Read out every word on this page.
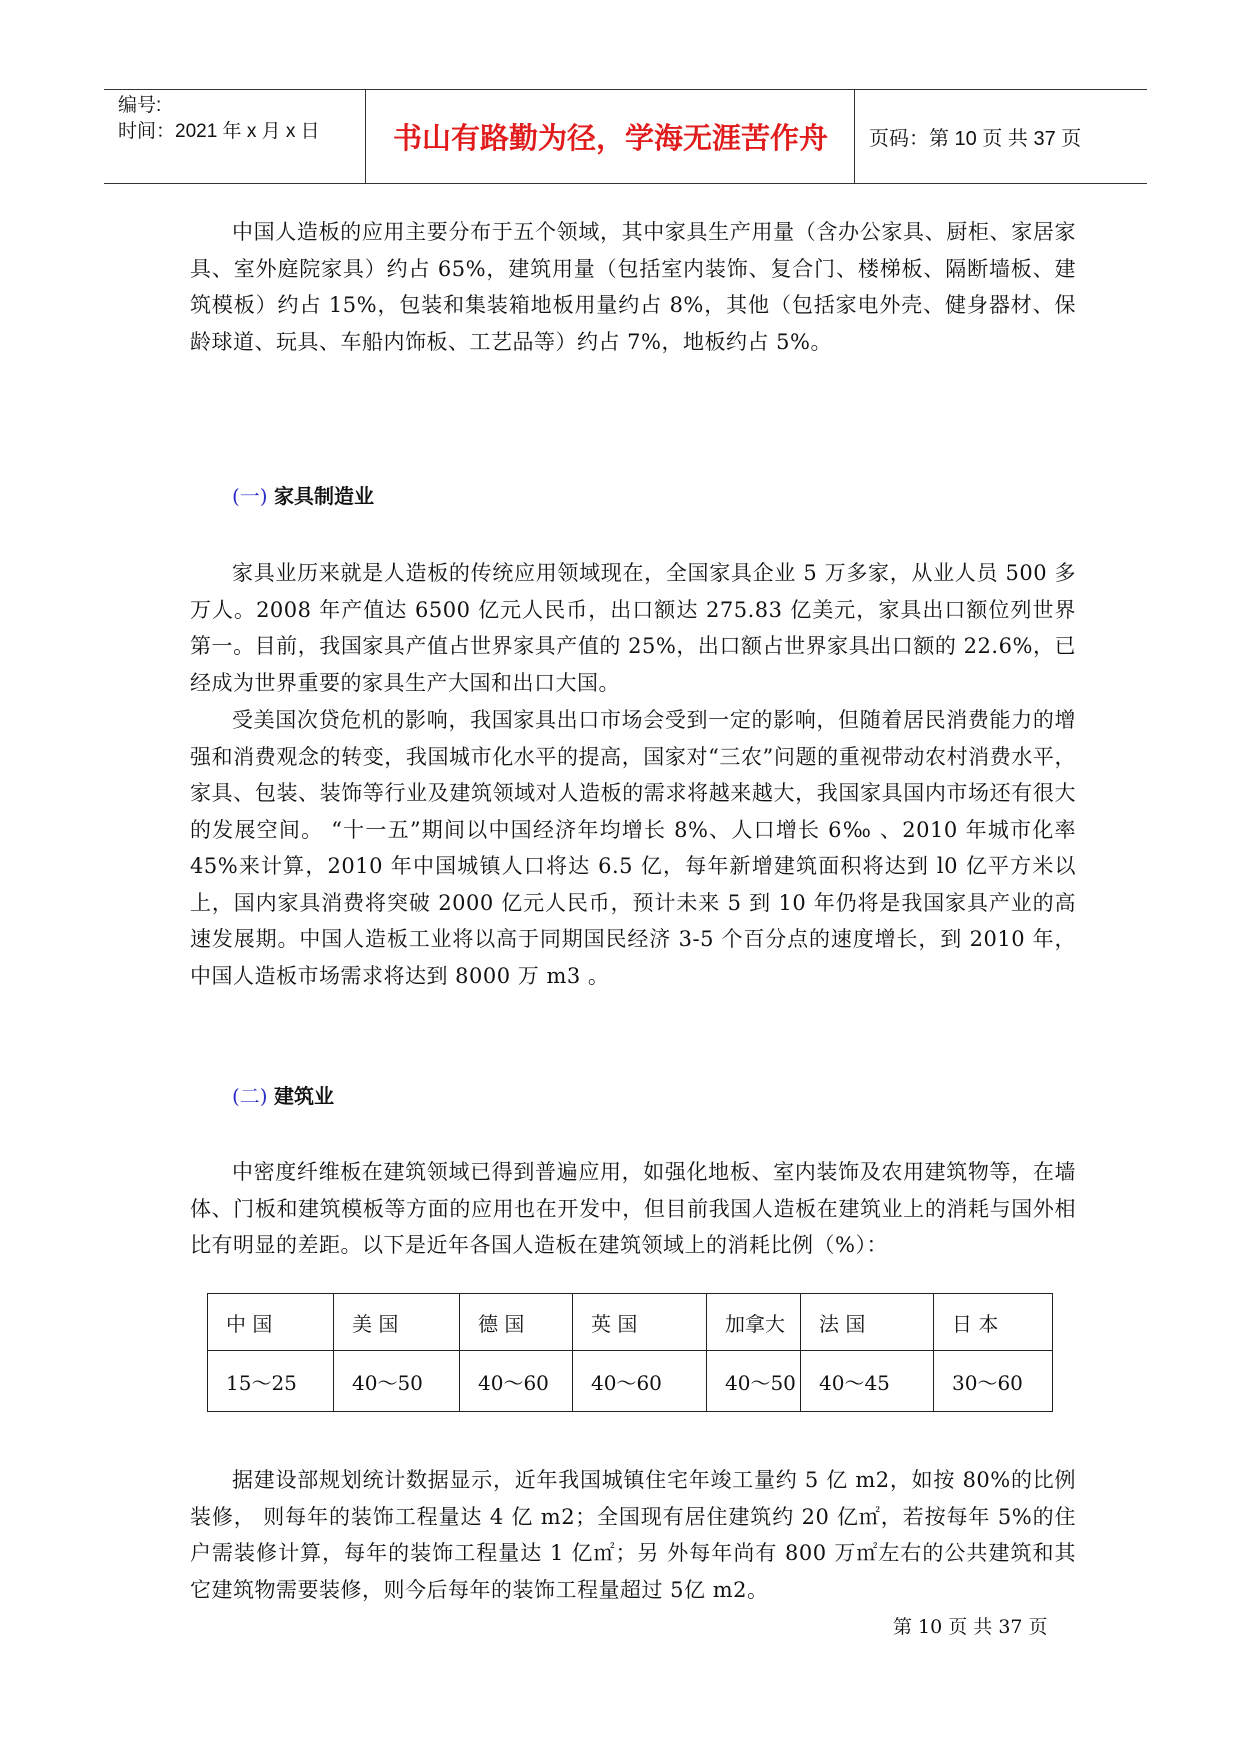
编号:
时间：2021 年 x 月 x 日	书山有路勤为径，学海无涯苦作舟	页码：第 10 页 共 37 页
中国人造板的应用主要分布于五个领域，其中家具生产用量（含办公家具、厨柜、家居家具、室外庭院家具）约占 65%，建筑用量（包括室内装饰、复合门、楼梯板、隔断墙板、建筑模板）约占 15%，包装和集装箱地板用量约占 8%，其他（包括家电外壳、健身器材、保龄球道、玩具、车船内饰板、工艺品等）约占 7%，地板约占 5%。
(一) 家具制造业
家具业历来就是人造板的传统应用领域现在，全国家具企业 5 万多家，从业人员 500 多万人。2008 年产值达 6500 亿元人民币，出口额达 275.83 亿美元，家具出口额位列世界第一。目前，我国家具产值占世界家具产值的 25%，出口额占世界家具出口额的 22.6%，已经成为世界重要的家具生产大国和出口大国。
受美国次贷危机的影响，我国家具出口市场会受到一定的影响，但随着居民消费能力的增强和消费观念的转变，我国城市化水平的提高，国家对“三农”问题的重视带动农村消费水平，家具、包装、装饰等行业及建筑领域对人造板的需求将越来越大，我国家具国内市场还有很大的发展空间。 “十一五”期间以中国经济年均增长 8%、人口增长 6‰ 、2010 年城市化率 45%来计算，2010 年中国城镇人口将达 6.5 亿，每年新增建筑面积将达到 l0 亿平方米以上，国内家具消费将突破 2000 亿元人民币，预计未来 5 到 10 年仍将是我国家具产业的高速发展期。中国人造板工业将以高于同期国民经济 3-5 个百分点的速度增长，到 2010 年，中国人造板市场需求将达到 8000 万 m3 。
(二) 建筑业
中密度纤维板在建筑领域已得到普遍应用，如强化地板、室内装饰及农用建筑物等，在墙体、门板和建筑模板等方面的应用也在开发中，但目前我国人造板在建筑业上的消耗与国外相比有明显的差距。以下是近年各国人造板在建筑领域上的消耗比例（%）：
中 国	美 国	德 国	英 国	加拿大	法 国	日 本
15～25	40～50	40～60	40～60	40～50	40～45	30～60
据建设部规划统计数据显示，近年我国城镇住宅年竣工量约 5 亿 m2，如按 80%的比例装修， 则每年的装饰工程量达 4 亿 m2；全国现有居住建筑约 20 亿㎡，若按每年 5%的住户需装修计算，每年的装饰工程量达 1 亿㎡；另 外每年尚有 800 万㎡左右的公共建筑和其它建筑物需要装修，则今后每年的装饰工程量超过 5亿 m2。
第 10 页 共 37 页
